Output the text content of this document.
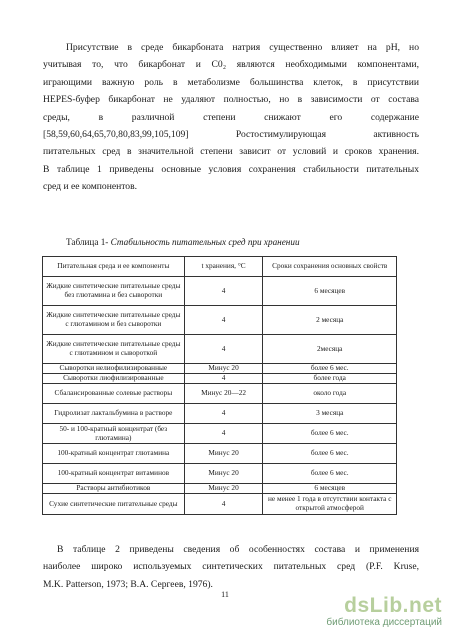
Присутствие в среде бикарбоната натрия существенно влияет на pH, но
учитывая то, что бикарбонат и C0₂ являются необходимыми компонентами,
играющими важную роль в метаболизме большинства клеток, в присутствии
HEPES-буфер бикарбонат не удаляют полностью, но в зависимости от состава
среды, в различной степени снижают его содержание
[58,59,60,64,65,70,80,83,99,105,109] Ростостимулирующая активность
питательных сред в значительной степени зависит от условий и сроков хранения.
В таблице 1 приведены основные условия сохранения стабильности питательных
сред и ее компонентов.

Таблица 1- Стабильность питательных сред при хранении

Питательная среда и ее компоненты	t хранения, °С	Сроки сохранения основных свойств
Жидкие синтетические питательные среды без глютамина и без сыворотки	4	6 месяцев
Жидкие синтетические питательные среды с глютамином и без сыворотки	4	2 месяца
Жидкие синтетические питательные среды с глютамином и сывороткой	4	2месяца
Сыворотки нелиофилизированные	Минус 20	более 6 мес.
Сыворотки лиофилизированные	4	более года
Сбалансированные солевые растворы	Минус 20—22	около года
Гидролизат лактальбумина в растворе	4	3 месяца
50- и 100-кратный концентрат (без глютамина)	4	более 6 мес.
100-кратный концентрат глютамина	Минус 20	более 6 мес.
100-кратный концентрат витаминов	Минус 20	более 6 мес.
Растворы антибиотиков	Минус 20	6 месяцев
Сухие синтетические питательные среды	4	не менее 1 года в отсутствии контакта с открытой атмосферой
В таблице 2 приведены сведения об особенностях состава и применения
наиболее широко используемых синтетических питательных сред (P.F. Kruse,
M.K. Patterson, 1973; В.А. Сергеев, 1976).
11	dsLib.net
библиотека диссертаций
